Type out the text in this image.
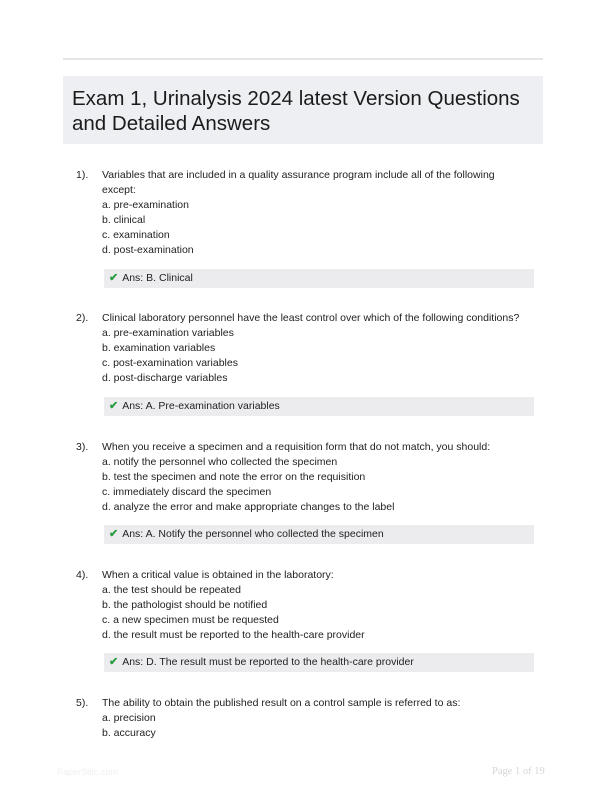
Exam 1, Urinalysis 2024 latest Version Questions and Detailed Answers
1). Variables that are included in a quality assurance program include all of the following except:

a. pre-examination

b. clinical

c. examination

d. post-examination

✔ Ans: B. Clinical
2). Clinical laboratory personnel have the least control over which of the following conditions?

a. pre-examination variables

b. examination variables

c. post-examination variables

d. post-discharge variables

✔ Ans: A. Pre-examination variables
3). When you receive a specimen and a requisition form that do not match, you should:

a. notify the personnel who collected the specimen

b. test the specimen and note the error on the requisition

c. immediately discard the specimen

d. analyze the error and make appropriate changes to the label

✔ Ans: A. Notify the personnel who collected the specimen
4). When a critical value is obtained in the laboratory:

a. the test should be repeated

b. the pathologist should be notified

c. a new specimen must be requested

d. the result must be reported to the health-care provider

✔ Ans: D. The result must be reported to the health-care provider
5). The ability to obtain the published result on a control sample is referred to as:

a. precision

b. accuracy

PaperStitc.com	Page 1 of 19
